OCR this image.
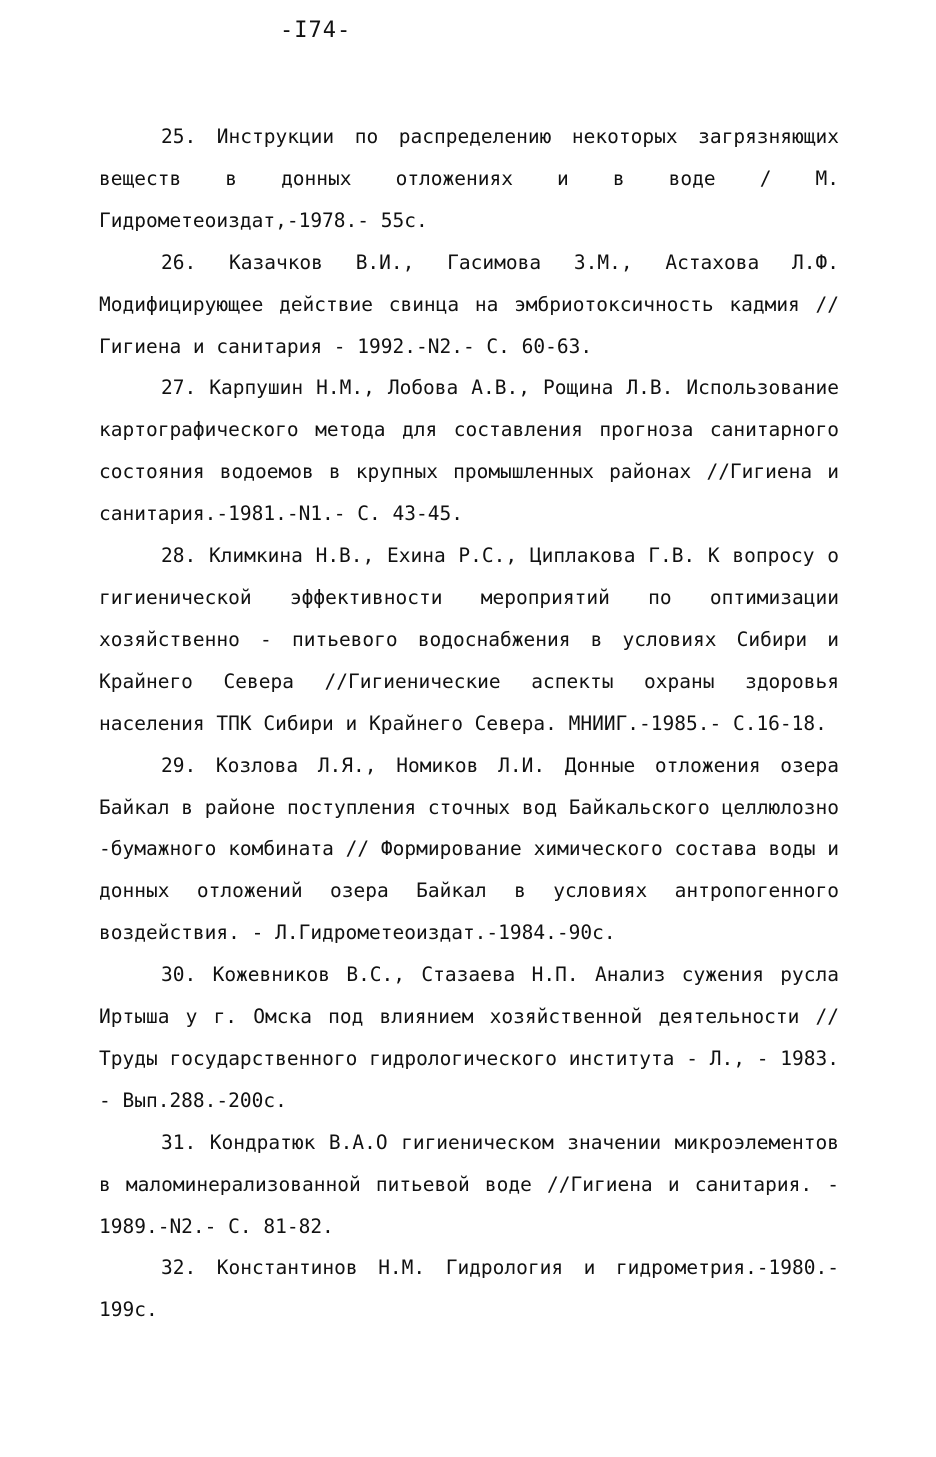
-I74-

25. Инструкции по распределению некоторых загрязняющих веществ в донных отложениях и в воде / М. Гидрометеоиздат,-1978.- 55с.

26. Казачков В.И., Гасимова З.М., Астахова Л.Ф. Модифицирующее действие свинца на эмбриотоксичность кадмия // Гигиена и санитария - 1992.-N2.- С. 60-63.

27. Карпушин Н.М., Лобова А.В., Рощина Л.В. Использование картографического метода для составления прогноза санитарного состояния водоемов в крупных промышленных районах //Гигиена и санитария.-1981.-N1.- С. 43-45.

28. Климкина Н.В., Ехина Р.С., Циплакова Г.В. К вопросу о гигиенической эффективности мероприятий по оптимизации хозяйственно - питьевого водоснабжения в условиях Сибири и Крайнего Севера //Гигиенические аспекты охраны здоровья населения ТПК Сибири и Крайнего Севера. МНИИГ.-1985.- С.16-18.

29. Козлова Л.Я., Номиков Л.И. Донные отложения озера Байкал в районе поступления сточных вод Байкальского целлюлозно -бумажного комбината // Формирование химического состава воды и донных отложений озера Байкал в условиях антропогенного воздействия. - Л.Гидрометеоиздат.-1984.-90с.

30. Кожевников В.С., Стазаева Н.П. Анализ сужения русла Иртыша у г. Омска под влиянием хозяйственной деятельности // Труды государственного гидрологического института - Л., - 1983. - Вып.288.-200с.

31. Кондратюк В.А.О гигиеническом значении микроэлементов в маломинерализованной питьевой воде //Гигиена и санитария. - 1989.-N2.- С. 81-82.

32. Константинов Н.М. Гидрология и гидрометрия.-1980.- 199с.
